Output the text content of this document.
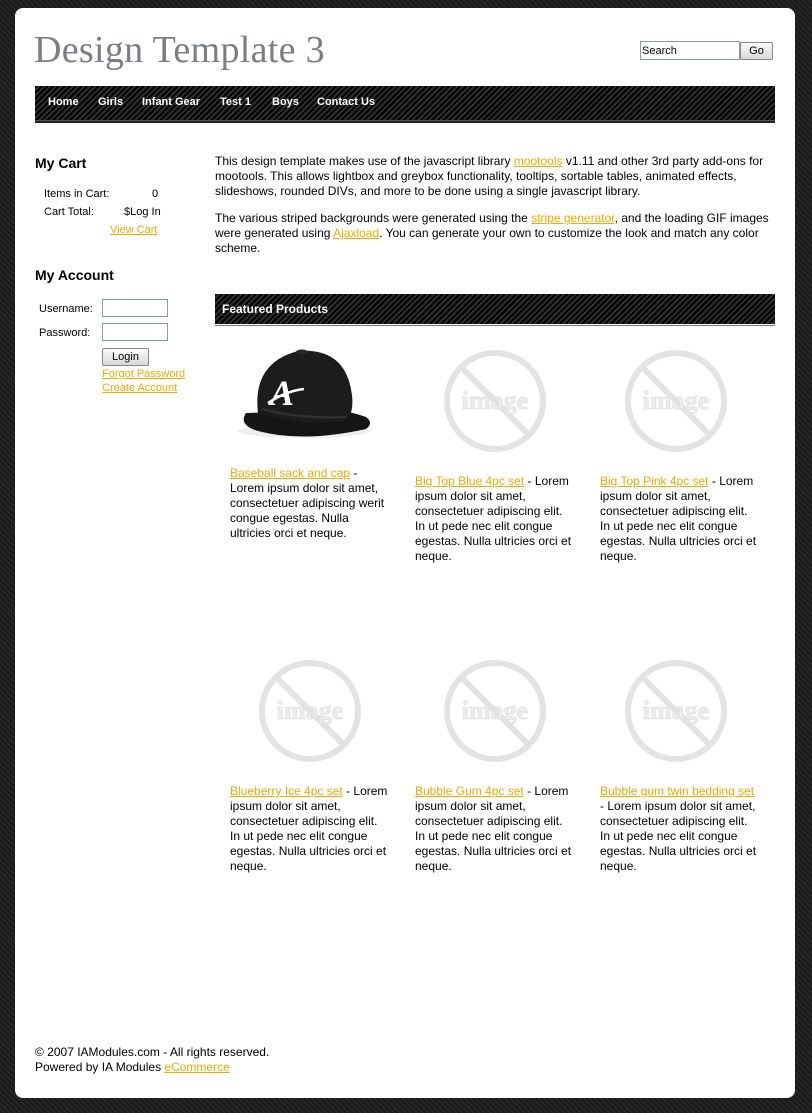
Design Template 3
Search	Go
Home Girls Infant Gear Test 1 Boys Contact Us
My Cart
Items in Cart:	0
Cart Total:	$Log In
View Cart
My Account
Username:
Password:
Login
Forgot Password
Create Account
This design template makes use of the javascript library mootools v1.11 and other 3rd party add-ons for mootools. This allows lightbox and greybox functionality, tooltips, sortable tables, animated effects, slideshows, rounded DIVs, and more to be done using a single javascript library.
The various striped backgrounds were generated using the stripe generator, and the loading GIF images were generated using Ajaxload. You can generate your own to customize the look and match any color scheme.
Featured Products
A
Baseball sack and cap - Lorem ipsum dolor sit amet, consectetuer adipiscing werit congue egestas. Nulla ultricies orci et neque.
image
Big Top Blue 4pc set - Lorem ipsum dolor sit amet, consectetuer adipiscing elit. In ut pede nec elit congue egestas. Nulla ultricies orci et neque.
image
Big Top Pink 4pc set - Lorem ipsum dolor sit amet, consectetuer adipiscing elit. In ut pede nec elit congue egestas. Nulla ultricies orci et neque.
image
Blueberry Ice 4pc set - Lorem ipsum dolor sit amet, consectetuer adipiscing elit. In ut pede nec elit congue egestas. Nulla ultricies orci et neque.
image
Bubble Gum 4pc set - Lorem ipsum dolor sit amet, consectetuer adipiscing elit. In ut pede nec elit congue egestas. Nulla ultricies orci et neque.
image
Bubble gum twin bedding set - Lorem ipsum dolor sit amet, consectetuer adipiscing elit. In ut pede nec elit congue egestas. Nulla ultricies orci et neque.
© 2007 IAModules.com - All rights reserved.
Powered by IA Modules eCommerce
